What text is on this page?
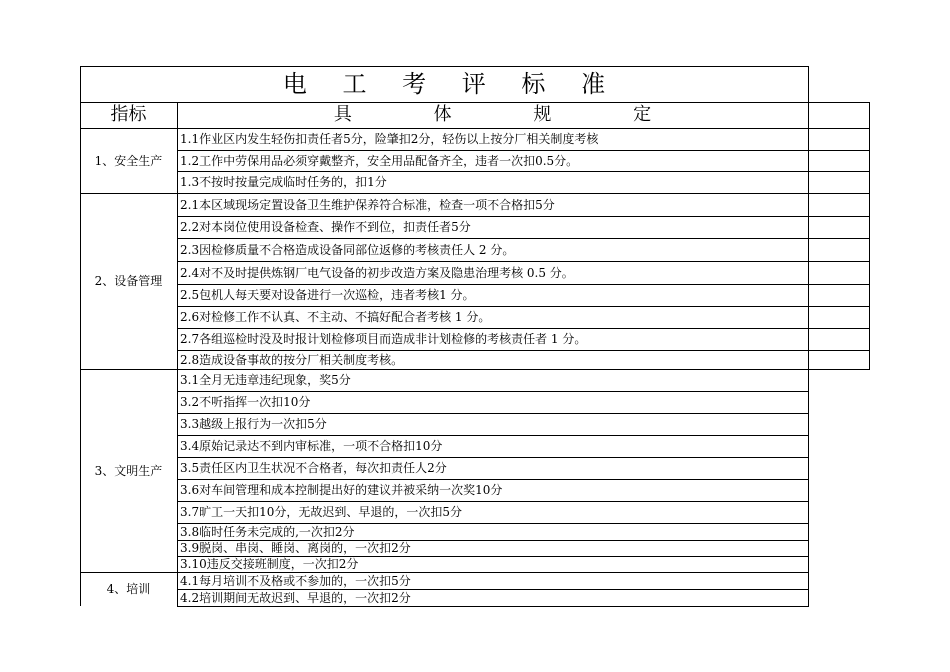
电 工 考 评 标 准
指标	具 体 规 定
1、安全生产
1.1作业区内发生轻伤扣责任者5分，险肇扣2分，轻伤以上按分厂相关制度考核
1.2工作中劳保用品必须穿戴整齐，安全用品配备齐全，违者一次扣0.5分。
1.3不按时按量完成临时任务的，扣1分
2、设备管理
2.1本区域现场定置设备卫生维护保养符合标准，检查一项不合格扣5分
2.2对本岗位使用设备检查、操作不到位，扣责任者5分
2.3因检修质量不合格造成设备同部位返修的考核责任人 2 分。
2.4对不及时提供炼钢厂电气设备的初步改造方案及隐患治理考核 0.5 分。
2.5包机人每天要对设备进行一次巡检，违者考核1 分。
2.6对检修工作不认真、不主动、不搞好配合者考核 1 分。
2.7各组巡检时没及时报计划检修项目而造成非计划检修的考核责任者 1 分。
2.8造成设备事故的按分厂相关制度考核。
3、文明生产
3.1全月无违章违纪现象，奖5分
3.2不听指挥一次扣10分
3.3越级上报行为一次扣5分
3.4原始记录达不到内审标准，一项不合格扣10分
3.5责任区内卫生状况不合格者，每次扣责任人2分
3.6对车间管理和成本控制提出好的建议并被采纳一次奖10分
3.7旷工一天扣10分，无故迟到、早退的，一次扣5分
3.8临时任务未完成的,一次扣2分
3.9脱岗、串岗、睡岗、离岗的，一次扣2分
3.10违反交接班制度，一次扣2分
4、培训
4.1每月培训不及格或不参加的，一次扣5分
4.2培训期间无故迟到、早退的，一次扣2分
